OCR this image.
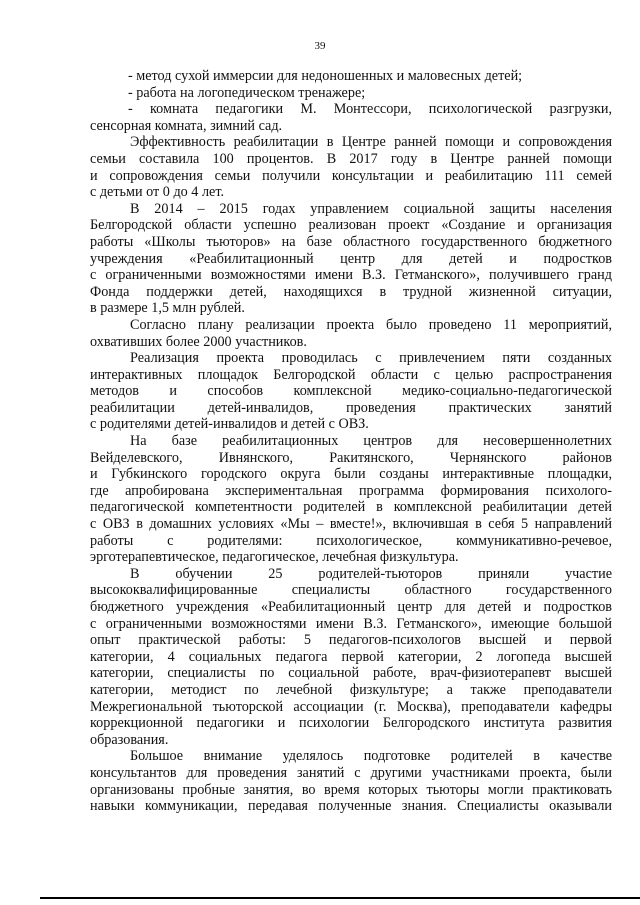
39

- метод сухой иммерсии для недоношенных и маловесных детей;
- работа на логопедическом тренажере;
- комната педагогики М. Монтессори, психологической разгрузки,
сенсорная комната, зимний сад.
Эффективность реабилитации в Центре ранней помощи и сопровождения
семьи составила 100 процентов. В 2017 году в Центре ранней помощи
и сопровождения семьи получили консультации и реабилитацию 111 семей
с детьми от 0 до 4 лет.
В 2014 – 2015 годах управлением социальной защиты населения
Белгородской области успешно реализован проект «Создание и организация
работы «Школы тьюторов» на базе областного государственного бюджетного
учреждения «Реабилитационный центр для детей и подростков
с ограниченными возможностями имени В.З. Гетманского», получившего гранд
Фонда поддержки детей, находящихся в трудной жизненной ситуации,
в размере 1,5 млн рублей.
Согласно плану реализации проекта было проведено 11 мероприятий,
охвативших более 2000 участников.
Реализация проекта проводилась с привлечением пяти созданных
интерактивных площадок Белгородской области с целью распространения
методов и способов комплексной медико-социально-педагогической
реабилитации детей-инвалидов, проведения практических занятий
с родителями детей-инвалидов и детей с ОВЗ.
На базе реабилитационных центров для несовершеннолетних
Вейделевского, Ивнянского, Ракитянского, Чернянского районов
и Губкинского городского округа были созданы интерактивные площадки,
где апробирована экспериментальная программа формирования психолого-
педагогической компетентности родителей в комплексной реабилитации детей
с ОВЗ в домашних условиях «Мы – вместе!», включившая в себя 5 направлений
работы с родителями: психологическое, коммуникативно-речевое,
эрготерапевтическое, педагогическое, лечебная физкультура.
В обучении 25 родителей-тьюторов приняли участие
высококвалифицированные специалисты областного государственного
бюджетного учреждения «Реабилитационный центр для детей и подростков
с ограниченными возможностями имени В.З. Гетманского», имеющие большой
опыт практической работы: 5 педагогов-психологов высшей и первой
категории, 4 социальных педагога первой категории, 2 логопеда высшей
категории, специалисты по социальной работе, врач-физиотерапевт высшей
категории, методист по лечебной физкультуре; а также преподаватели
Межрегиональной тьюторской ассоциации (г. Москва), преподаватели кафедры
коррекционной педагогики и психологии Белгородского института развития
образования.
Большое внимание уделялось подготовке родителей в качестве
консультантов для проведения занятий с другими участниками проекта, были
организованы пробные занятия, во время которых тьюторы могли практиковать
навыки коммуникации, передавая полученные знания. Специалисты оказывали
